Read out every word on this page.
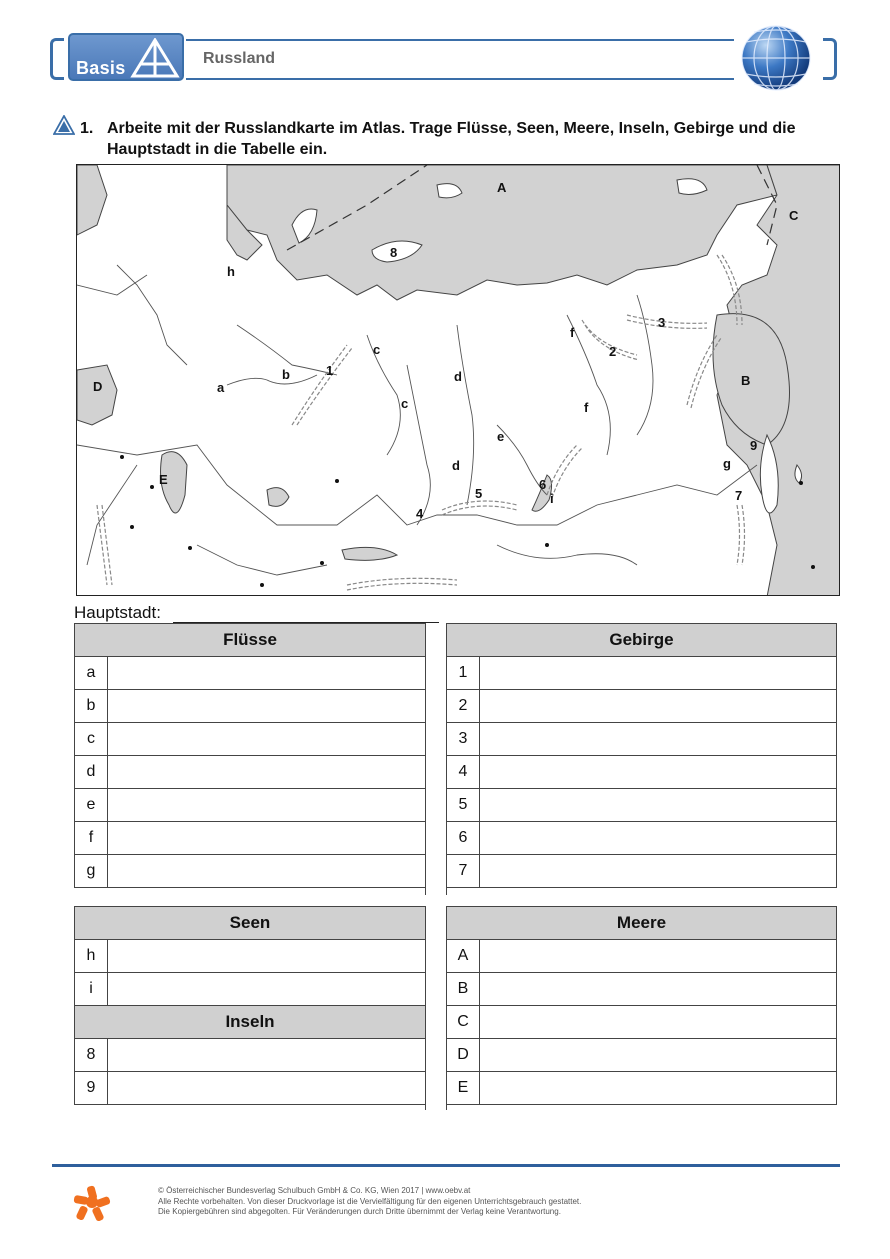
Basis	Russland
1. Arbeite mit der Russlandkarte im Atlas. Trage Flüsse, Seen, Meere, Inseln, Gebirge und die Hauptstadt in die Tabelle ein.
A
C
8
h
3
f
2
c
B
D	a
b	1	d
c	f
e
9
g
E
d
6
i
5	7
4
Hauptstadt:
Flüsse	
a	
b	
c	
d	
e	
f	
g	
Gebirge	
1	
2	
3	
4	
5	
6	
7	
Seen	
h	
i	
Inseln	
8	
9	
Meere	
A	
B	
C	
D	
E	
© Österreichischer Bundesverlag Schulbuch GmbH & Co. KG, Wien 2017 | www.oebv.at
Alle Rechte vorbehalten. Von dieser Druckvorlage ist die Vervielfältigung für den eigenen Unterrichtsgebrauch gestattet.
Die Kopiergebühren sind abgegolten. Für Veränderungen durch Dritte übernimmt der Verlag keine Verantwortung.
